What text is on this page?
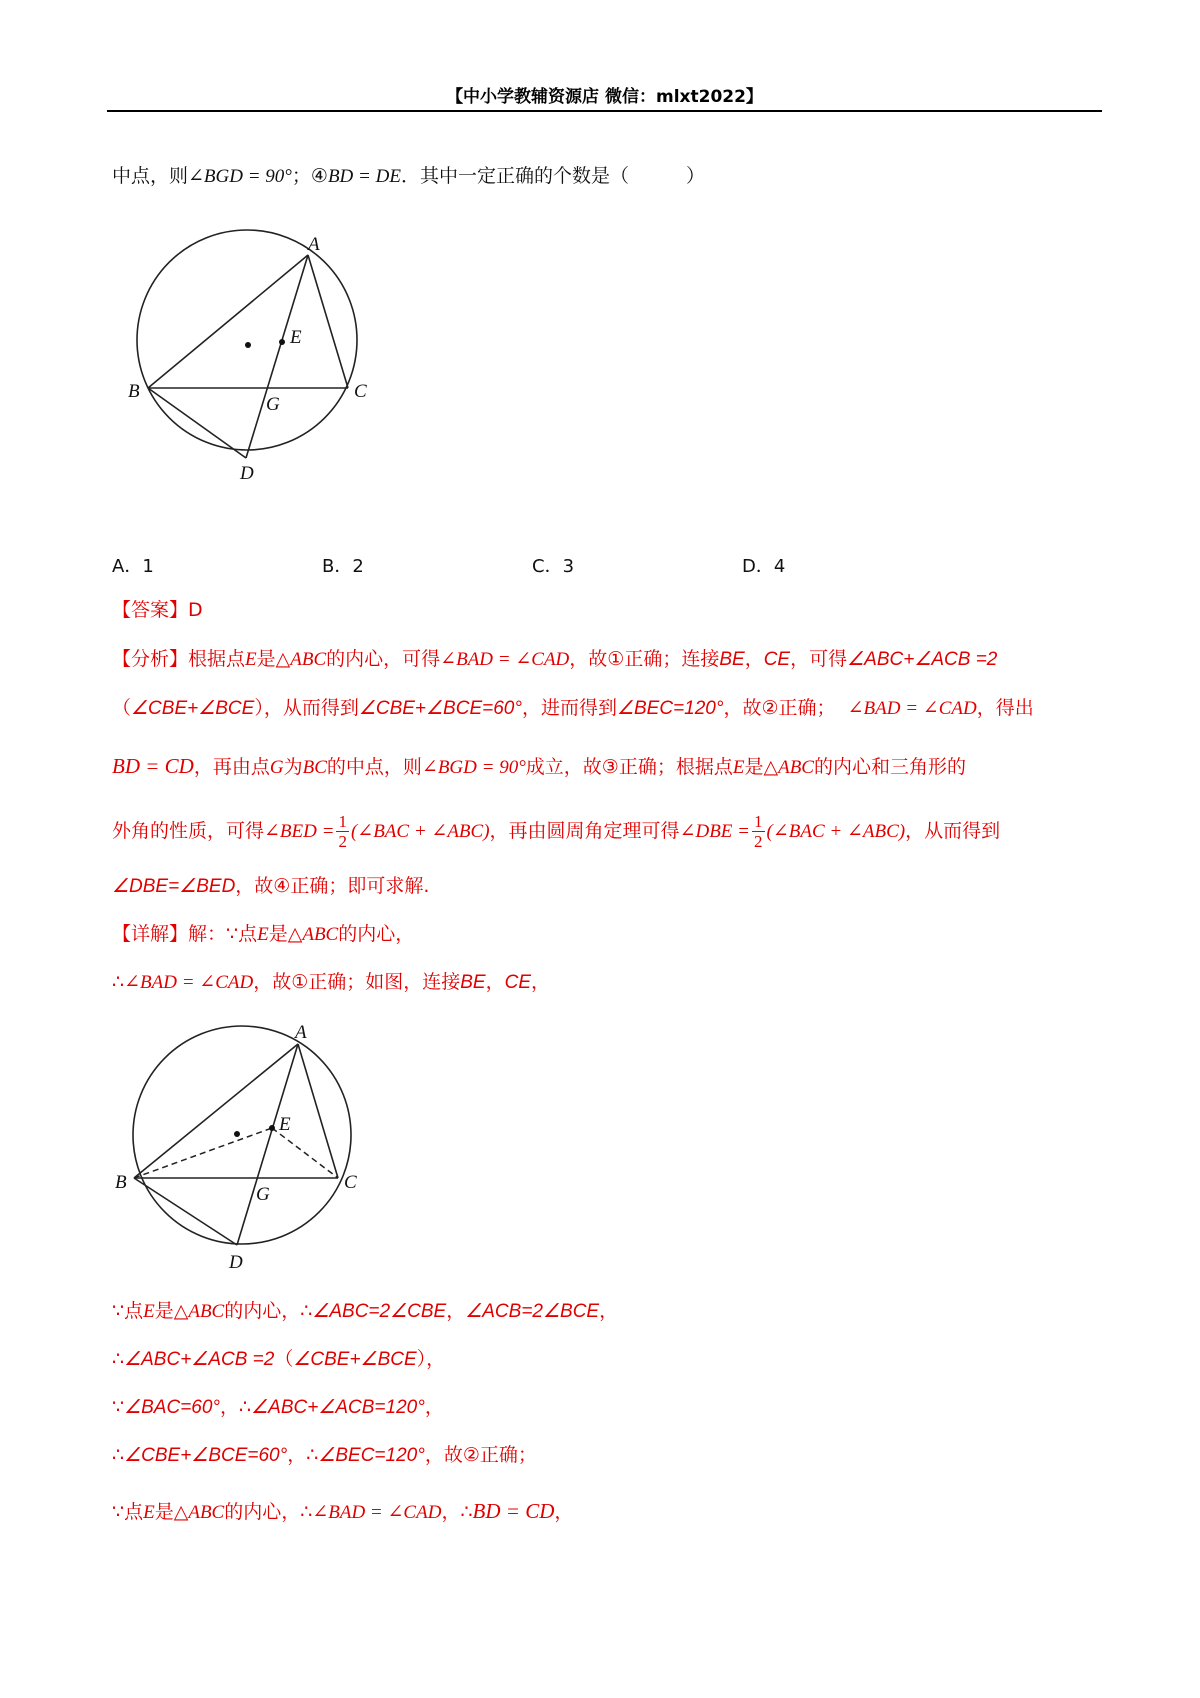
【中小学教辅资源店 微信：mlxt2022】
中点，则∠BGD = 90°；④BD = DE．其中一定正确的个数是（　　　）
A
B	C
D
E
G
A．1	B．2	C．3	D．4
【答案】D
【分析】根据点E是△ABC的内心，可得∠BAD = ∠CAD，故①正确；连接BE，CE，可得∠ABC+∠ACB =2
（∠CBE+∠BCE），从而得到∠CBE+∠BCE=60°，进而得到∠BEC=120°，故②正确； ∠BAD = ∠CAD，得出
BD = CD，再由点G为BC的中点，则∠BGD = 90°成立，故③正确；根据点E是△ABC的内心和三角形的
外角的性质，可得∠BED = $\frac{1}{2}$ (∠BAC + ∠ABC)，再由圆周角定理可得∠DBE = $\frac{1}{2}$ (∠BAC + ∠ABC)，从而得到
∠DBE=∠BED，故④正确；即可求解.
【详解】解：∵点E是△ABC的内心，
∴∠BAD = ∠CAD，故①正确；如图，连接BE，CE，
A
B	C
D
E
G
∵点E是△ABC的内心，∴∠ABC=2∠CBE，∠ACB=2∠BCE，
∴∠ABC+∠ACB =2（∠CBE+∠BCE），
∵∠BAC=60°，∴∠ABC+∠ACB=120°，
∴∠CBE+∠BCE=60°，∴∠BEC=120°，故②正确；
∵点E是△ABC的内心，∴∠BAD = ∠CAD，∴BD = CD，
